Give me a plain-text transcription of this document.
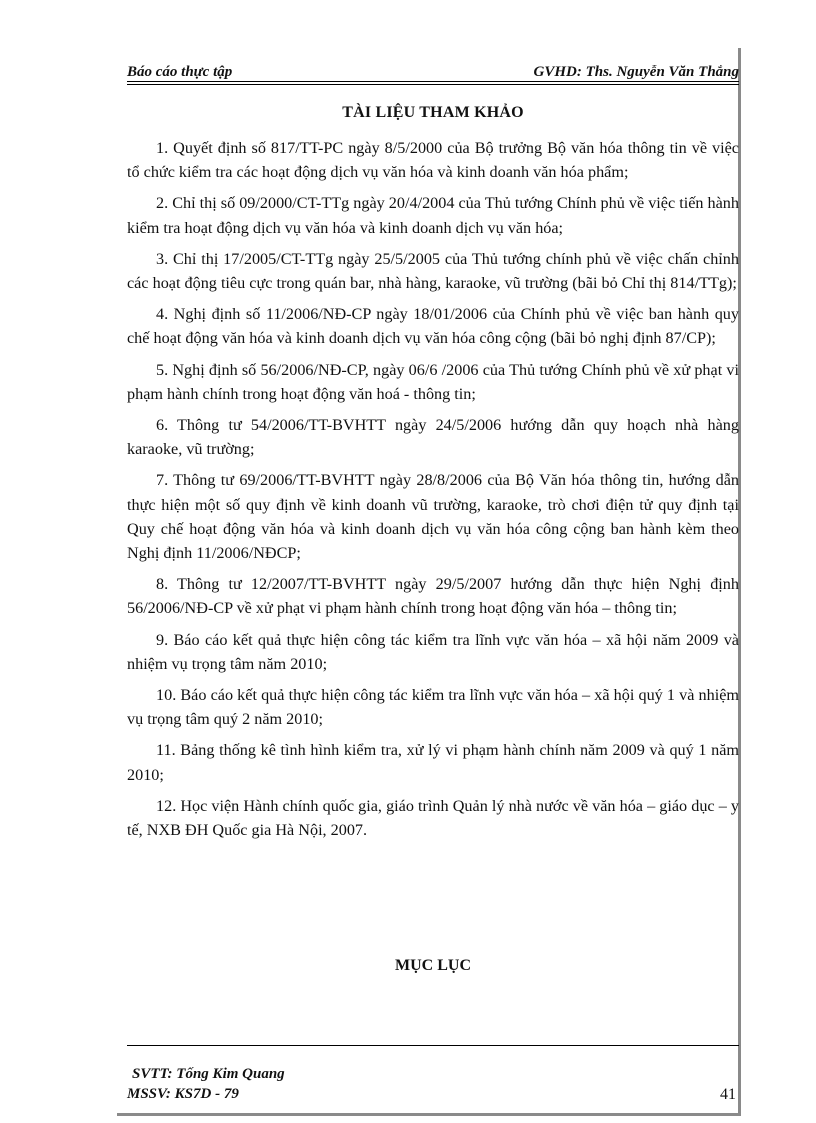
Báo cáo thực tập	GVHD: Ths. Nguyễn Văn Thắng
TÀI LIỆU THAM KHẢO

1. Quyết định số 817/TT-PC ngày 8/5/2000 của Bộ trưởng Bộ văn hóa thông tin về việc tổ chức kiểm tra các hoạt động dịch vụ văn hóa và kinh doanh văn hóa phẩm;

2. Chỉ thị số 09/2000/CT-TTg ngày 20/4/2004 của Thủ tướng Chính phủ về việc tiến hành kiểm tra hoạt động dịch vụ văn hóa và kinh doanh dịch vụ văn hóa;

3. Chỉ thị 17/2005/CT-TTg ngày 25/5/2005 của Thủ tướng chính phủ về việc chấn chỉnh các hoạt động tiêu cực trong quán bar, nhà hàng, karaoke, vũ trường (bãi bỏ Chỉ thị 814/TTg);

4. Nghị định số 11/2006/NĐ-CP ngày 18/01/2006 của Chính phủ về việc ban hành quy chế hoạt động văn hóa và kinh doanh dịch vụ văn hóa công cộng (bãi bỏ nghị định 87/CP);

5. Nghị định số 56/2006/NĐ-CP, ngày 06/6 /2006 của Thủ tướng Chính phủ về xử phạt vi phạm hành chính trong hoạt động văn hoá - thông tin;

6. Thông tư 54/2006/TT-BVHTT ngày 24/5/2006 hướng dẫn quy hoạch nhà hàng karaoke, vũ trường;

7. Thông tư 69/2006/TT-BVHTT ngày 28/8/2006 của Bộ Văn hóa thông tin, hướng dẫn thực hiện một số quy định về kinh doanh vũ trường, karaoke, trò chơi điện tử quy định tại Quy chế hoạt động văn hóa và kinh doanh dịch vụ văn hóa công cộng ban hành kèm theo Nghị định 11/2006/NĐCP;

8. Thông tư 12/2007/TT-BVHTT ngày 29/5/2007 hướng dẫn thực hiện Nghị định 56/2006/NĐ-CP về xử phạt vi phạm hành chính trong hoạt động văn hóa – thông tin;

9. Báo cáo kết quả thực hiện công tác kiểm tra lĩnh vực văn hóa – xã hội năm 2009 và nhiệm vụ trọng tâm năm 2010;

10. Báo cáo kết quả thực hiện công tác kiểm tra lĩnh vực văn hóa – xã hội quý 1 và nhiệm vụ trọng tâm quý 2 năm 2010;

11. Bảng thống kê tình hình kiểm tra, xử lý vi phạm hành chính năm 2009 và quý 1 năm 2010;

12. Học viện Hành chính quốc gia, giáo trình Quản lý nhà nước về văn hóa – giáo dục – y tế, NXB ĐH Quốc gia Hà Nội, 2007.

MỤC LỤC
SVTT: Tống Kim Quang
MSSV: KS7D - 79	41
